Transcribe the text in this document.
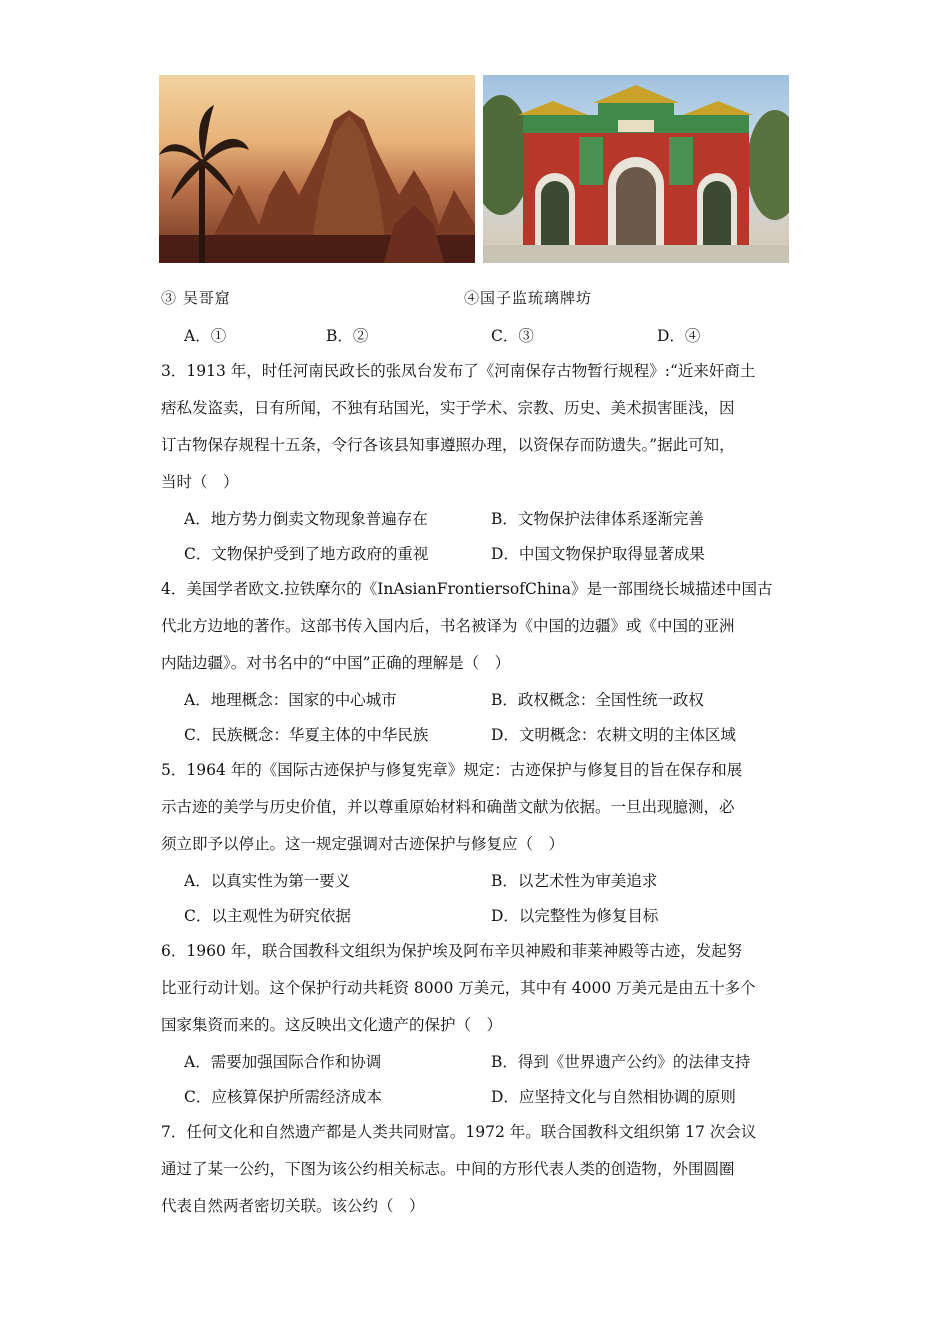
③ 吴哥窟	④国子监琉璃牌坊
A．①	B．②	C．③	D．④
3．1913 年，时任河南民政长的张凤台发布了《河南保存古物暂行规程》:“近来奸商土
痞私发盗卖，日有所闻，不独有玷国光，实于学术、宗教、历史、美术损害匪浅，因
订古物保存规程十五条，令行各该县知事遵照办理，以资保存而防遗失。”据此可知，
当时（　）
A．地方势力倒卖文物现象普遍存在	B．文物保护法律体系逐渐完善
C．文物保护受到了地方政府的重视	D．中国文物保护取得显著成果
4．美国学者欧文.拉铁摩尔的《InAsianFrontiersofChina》是一部围绕长城描述中国古
代北方边地的著作。这部书传入国内后，书名被译为《中国的边疆》或《中国的亚洲
内陆边疆》。对书名中的“中国”正确的理解是（　）
A．地理概念：国家的中心城市	B．政权概念：全国性统一政权
C．民族概念：华夏主体的中华民族	D．文明概念：农耕文明的主体区域
5．1964 年的《国际古迹保护与修复宪章》规定：古迹保护与修复目的旨在保存和展
示古迹的美学与历史价值，并以尊重原始材料和确凿文献为依据。一旦出现臆测，必
须立即予以停止。这一规定强调对古迹保护与修复应（　）
A．以真实性为第一要义	B．以艺术性为审美追求
C．以主观性为研究依据	D．以完整性为修复目标
6．1960 年，联合国教科文组织为保护埃及阿布辛贝神殿和菲莱神殿等古迹，发起努
比亚行动计划。这个保护行动共耗资 8000 万美元，其中有 4000 万美元是由五十多个
国家集资而来的。这反映出文化遗产的保护（　）
A．需要加强国际合作和协调	B．得到《世界遗产公约》的法律支持
C．应核算保护所需经济成本	D．应坚持文化与自然相协调的原则
7．任何文化和自然遗产都是人类共同财富。1972 年。联合国教科文组织第 17 次会议
通过了某一公约，下图为该公约相关标志。中间的方形代表人类的创造物，外围圆圈
代表自然两者密切关联。该公约（　）
